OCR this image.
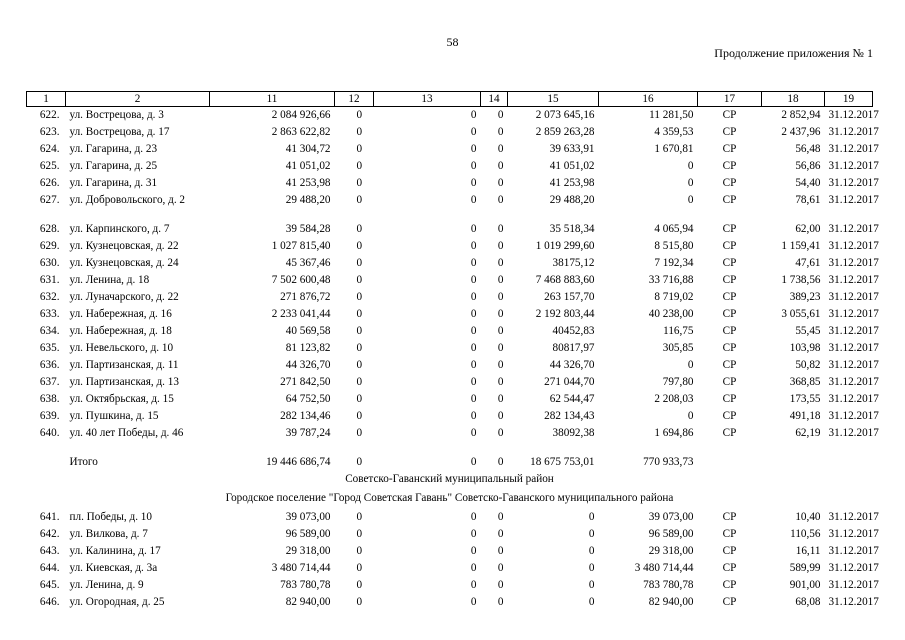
58
Продолжение приложения № 1
1	2	11	12	13	14	15	16	17	18	19
622.	ул. Вострецова, д. 3	2 084 926,66	0	0	0	2 073 645,16	11 281,50	СР	2 852,94	31.12.2017
623.	ул. Вострецова, д. 17	2 863 622,82	0	0	0	2 859 263,28	4 359,53	СР	2 437,96	31.12.2017
624.	ул. Гагарина, д. 23	41 304,72	0	0	0	39 633,91	1 670,81	СР	56,48	31.12.2017
625.	ул. Гагарина, д. 25	41 051,02	0	0	0	41 051,02	0	СР	56,86	31.12.2017
626.	ул. Гагарина, д. 31	41 253,98	0	0	0	41 253,98	0	СР	54,40	31.12.2017
627.	ул. Добровольского, д. 2	29 488,20	0	0	0	29 488,20	0	СР	78,61	31.12.2017
628.	ул. Карпинского, д. 7	39 584,28	0	0	0	35 518,34	4 065,94	СР	62,00	31.12.2017
629.	ул. Кузнецовская, д. 22	1 027 815,40	0	0	0	1 019 299,60	8 515,80	СР	1 159,41	31.12.2017
630.	ул. Кузнецовская, д. 24	45 367,46	0	0	0	38175,12	7 192,34	СР	47,61	31.12.2017
631.	ул. Ленина, д. 18	7 502 600,48	0	0	0	7 468 883,60	33 716,88	СР	1 738,56	31.12.2017
632.	ул. Луначарского, д. 22	271 876,72	0	0	0	263 157,70	8 719,02	СР	389,23	31.12.2017
633.	ул. Набережная, д. 16	2 233 041,44	0	0	0	2 192 803,44	40 238,00	СР	3 055,61	31.12.2017
634.	ул. Набережная, д. 18	40 569,58	0	0	0	40452,83	116,75	СР	55,45	31.12.2017
635.	ул. Невельского, д. 10	81 123,82	0	0	0	80817,97	305,85	СР	103,98	31.12.2017
636.	ул. Партизанская, д. 11	44 326,70	0	0	0	44 326,70	0	СР	50,82	31.12.2017
637.	ул. Партизанская, д. 13	271 842,50	0	0	0	271 044,70	797,80	СР	368,85	31.12.2017
638.	ул. Октябрьская, д. 15	64 752,50	0	0	0	62 544,47	2 208,03	СР	173,55	31.12.2017
639.	ул. Пушкина, д. 15	282 134,46	0	0	0	282 134,43	0	СР	491,18	31.12.2017
640.	ул. 40 лет Победы, д. 46	39 787,24	0	0	0	38092,38	1 694,86	СР	62,19	31.12.2017
	Итого	19 446 686,74	0	0	0	18 675 753,01	770 933,73			
Советско-Гаванский муниципальный район										
Городское поселение "Город Советская Гавань" Советско-Гаванского муниципального района										
641.	пл. Победы, д. 10	39 073,00	0	0	0	0	39 073,00	СР	10,40	31.12.2017
642.	ул. Вилкова, д. 7	96 589,00	0	0	0	0	96 589,00	СР	110,56	31.12.2017
643.	ул. Калинина, д. 17	29 318,00	0	0	0	0	29 318,00	СР	16,11	31.12.2017
644.	ул. Киевская, д. 3а	3 480 714,44	0	0	0	0	3 480 714,44	СР	589,99	31.12.2017
645.	ул. Ленина, д. 9	783 780,78	0	0	0	0	783 780,78	СР	901,00	31.12.2017
646.	ул. Огородная, д. 25	82 940,00	0	0	0	0	82 940,00	СР	68,08	31.12.2017
